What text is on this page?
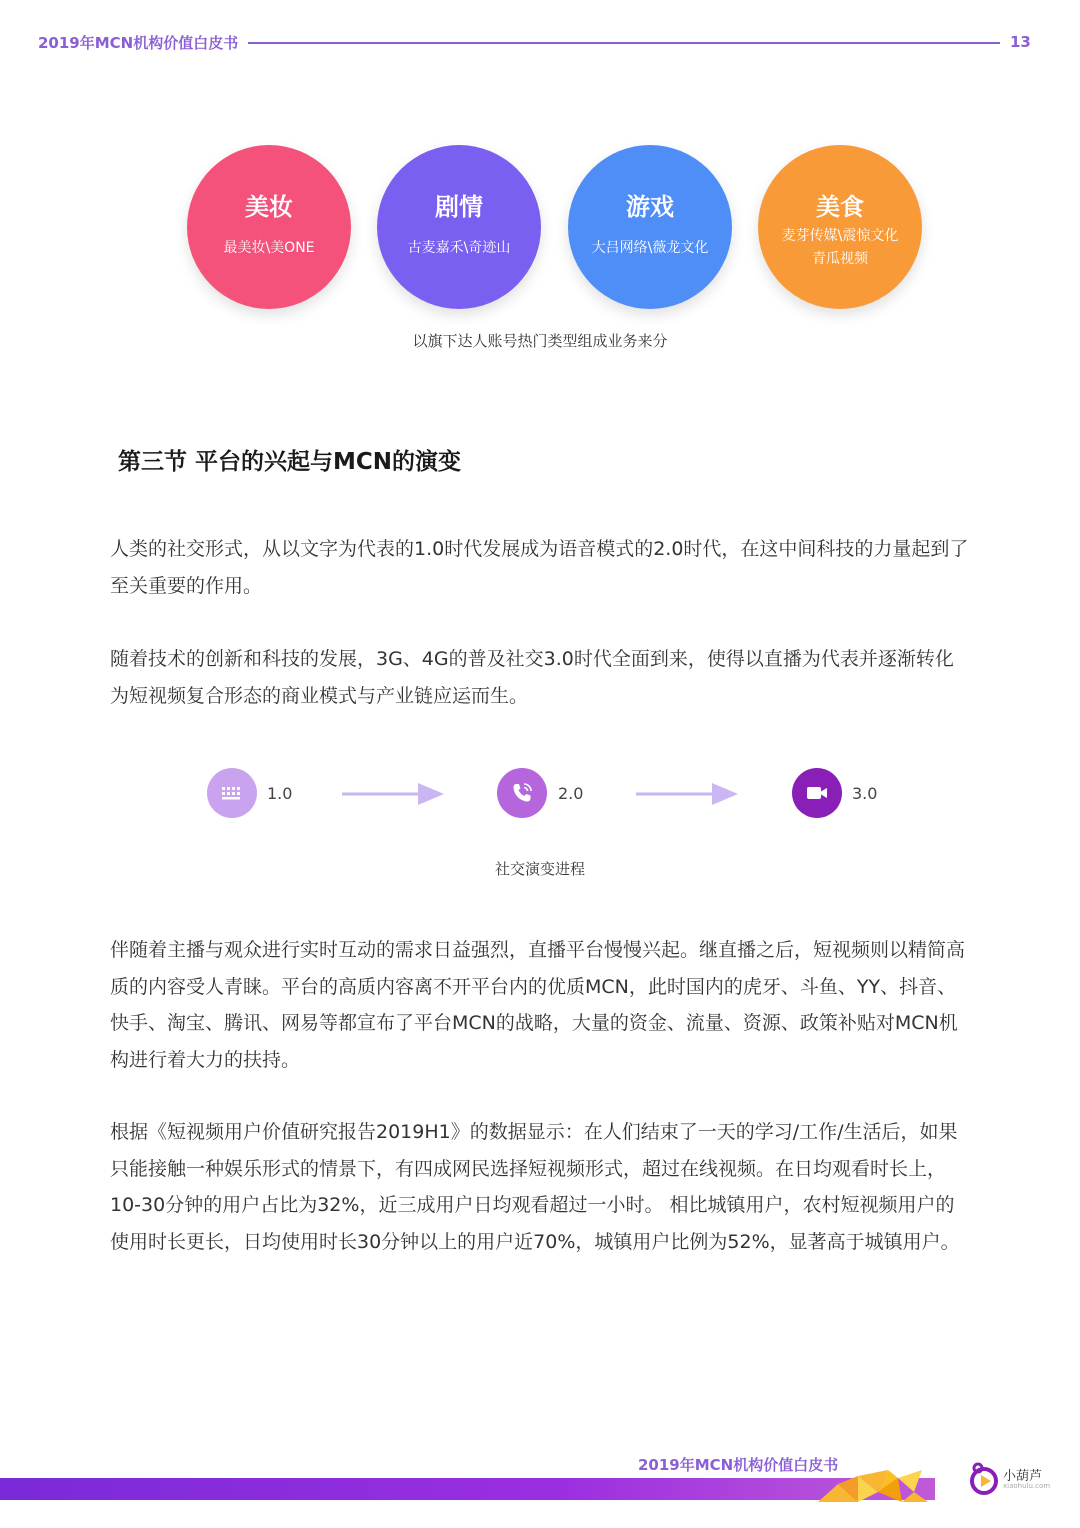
2019年MCN机构价值白皮书	13
美妆
最美妆\美ONE
剧情
古麦嘉禾\奇迹山
游戏
大吕网络\薇龙文化
美食
麦芽传媒\震惊文化
青瓜视频
以旗下达人账号热门类型组成业务来分
第三节 平台的兴起与MCN的演变

人类的社交形式，从以文字为代表的1.0时代发展成为语音模式的2.0时代，在这中间科技的力量起到了至关重要的作用。

随着技术的创新和科技的发展，3G、4G的普及社交3.0时代全面到来，使得以直播为代表并逐渐转化为短视频复合形态的商业模式与产业链应运而生。

1.0	2.0	3.0
社交演变进程

伴随着主播与观众进行实时互动的需求日益强烈，直播平台慢慢兴起。继直播之后，短视频则以精简高质的内容受人青睐。平台的高质内容离不开平台内的优质MCN，此时国内的虎牙、斗鱼、YY、抖音、快手、淘宝、腾讯、网易等都宣布了平台MCN的战略，大量的资金、流量、资源、政策补贴对MCN机构进行着大力的扶持。

根据《短视频用户价值研究报告2019H1》的数据显示：在人们结束了一天的学习/工作/生活后，如果只能接触一种娱乐形式的情景下，有四成网民选择短视频形式，超过在线视频。在日均观看时长上，10-30分钟的用户占比为32%，近三成用户日均观看超过一小时。 相比城镇用户，农村短视频用户的使用时长更长，日均使用时长30分钟以上的用户近70%，城镇用户比例为52%，显著高于城镇用户。

2019年MCN机构价值白皮书
小葫芦
xiaohulu.com
